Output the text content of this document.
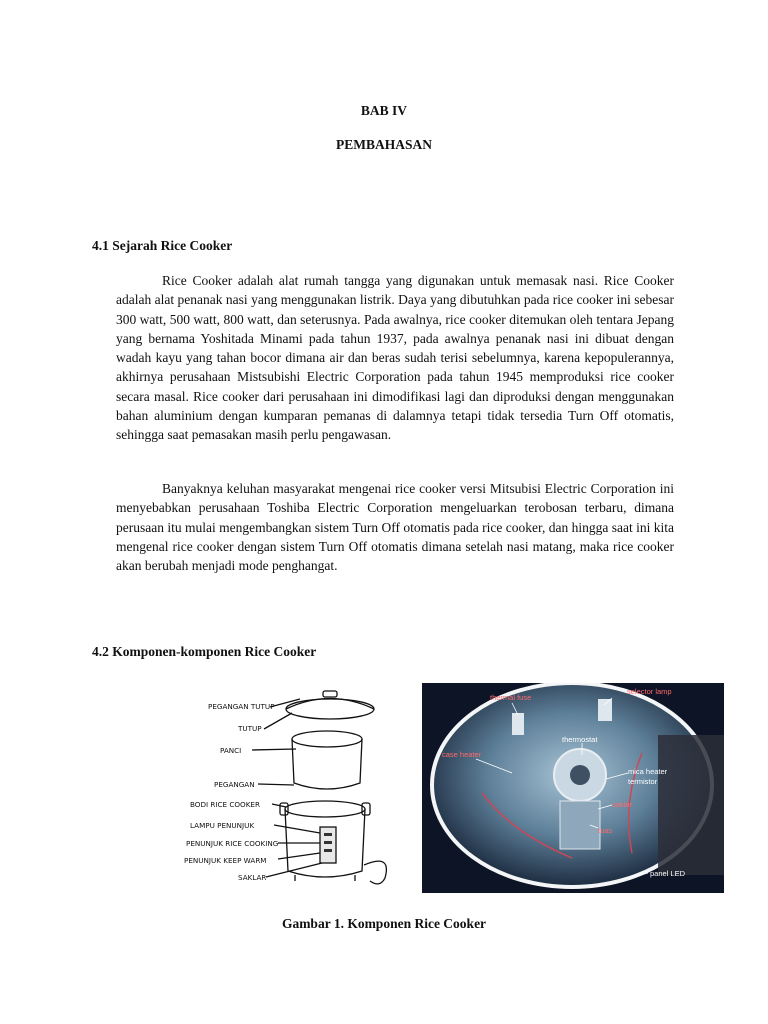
BAB IV
PEMBAHASAN
4.1 Sejarah Rice Cooker

Rice Cooker adalah alat rumah tangga yang digunakan untuk memasak nasi. Rice Cooker adalah alat penanak nasi yang menggunakan listrik. Daya yang dibutuhkan pada rice cooker ini sebesar 300 watt, 500 watt, 800 watt, dan seterusnya. Pada awalnya, rice cooker ditemukan oleh tentara Jepang yang bernama Yoshitada Minami pada tahun 1937, pada awalnya penanak nasi ini dibuat dengan wadah kayu yang tahan bocor dimana air dan beras sudah terisi sebelumnya, karena kepopulerannya, akhirnya perusahaan Mistsubishi Electric Corporation pada tahun 1945 memproduksi rice cooker secara masal. Rice cooker dari perusahaan ini dimodifikasi lagi dan diproduksi dengan menggunakan bahan aluminium dengan kumparan pemanas di dalamnya tetapi tidak tersedia Turn Off otomatis, sehingga saat pemasakan masih perlu pengawasan.

Banyaknya keluhan masyarakat mengenai rice cooker versi Mitsubisi Electric Corporation ini menyebabkan perusahaan Toshiba Electric Corporation mengeluarkan terobosan terbaru, dimana perusaan itu mulai mengembangkan sistem Turn Off otomatis pada rice cooker, dan hingga saat ini kita mengenal rice cooker dengan sistem Turn Off otomatis dimana setelah nasi matang, maka rice cooker akan berubah menjadi mode penghangat.

4.2 Komponen-komponen Rice Cooker
PEGANGAN TUTUP
TUTUP
PANCI
PEGANGAN
BODI RICE COOKER
LAMPU PENUNJUK
PENUNJUK RICE COOKING
PENUNJUK KEEP WARM
SAKLAR
thermal fuse
selector lamp
thermostat
case heater
mica heater
termistor
saklar
tuas
panel LED
Gambar 1. Komponen Rice Cooker
